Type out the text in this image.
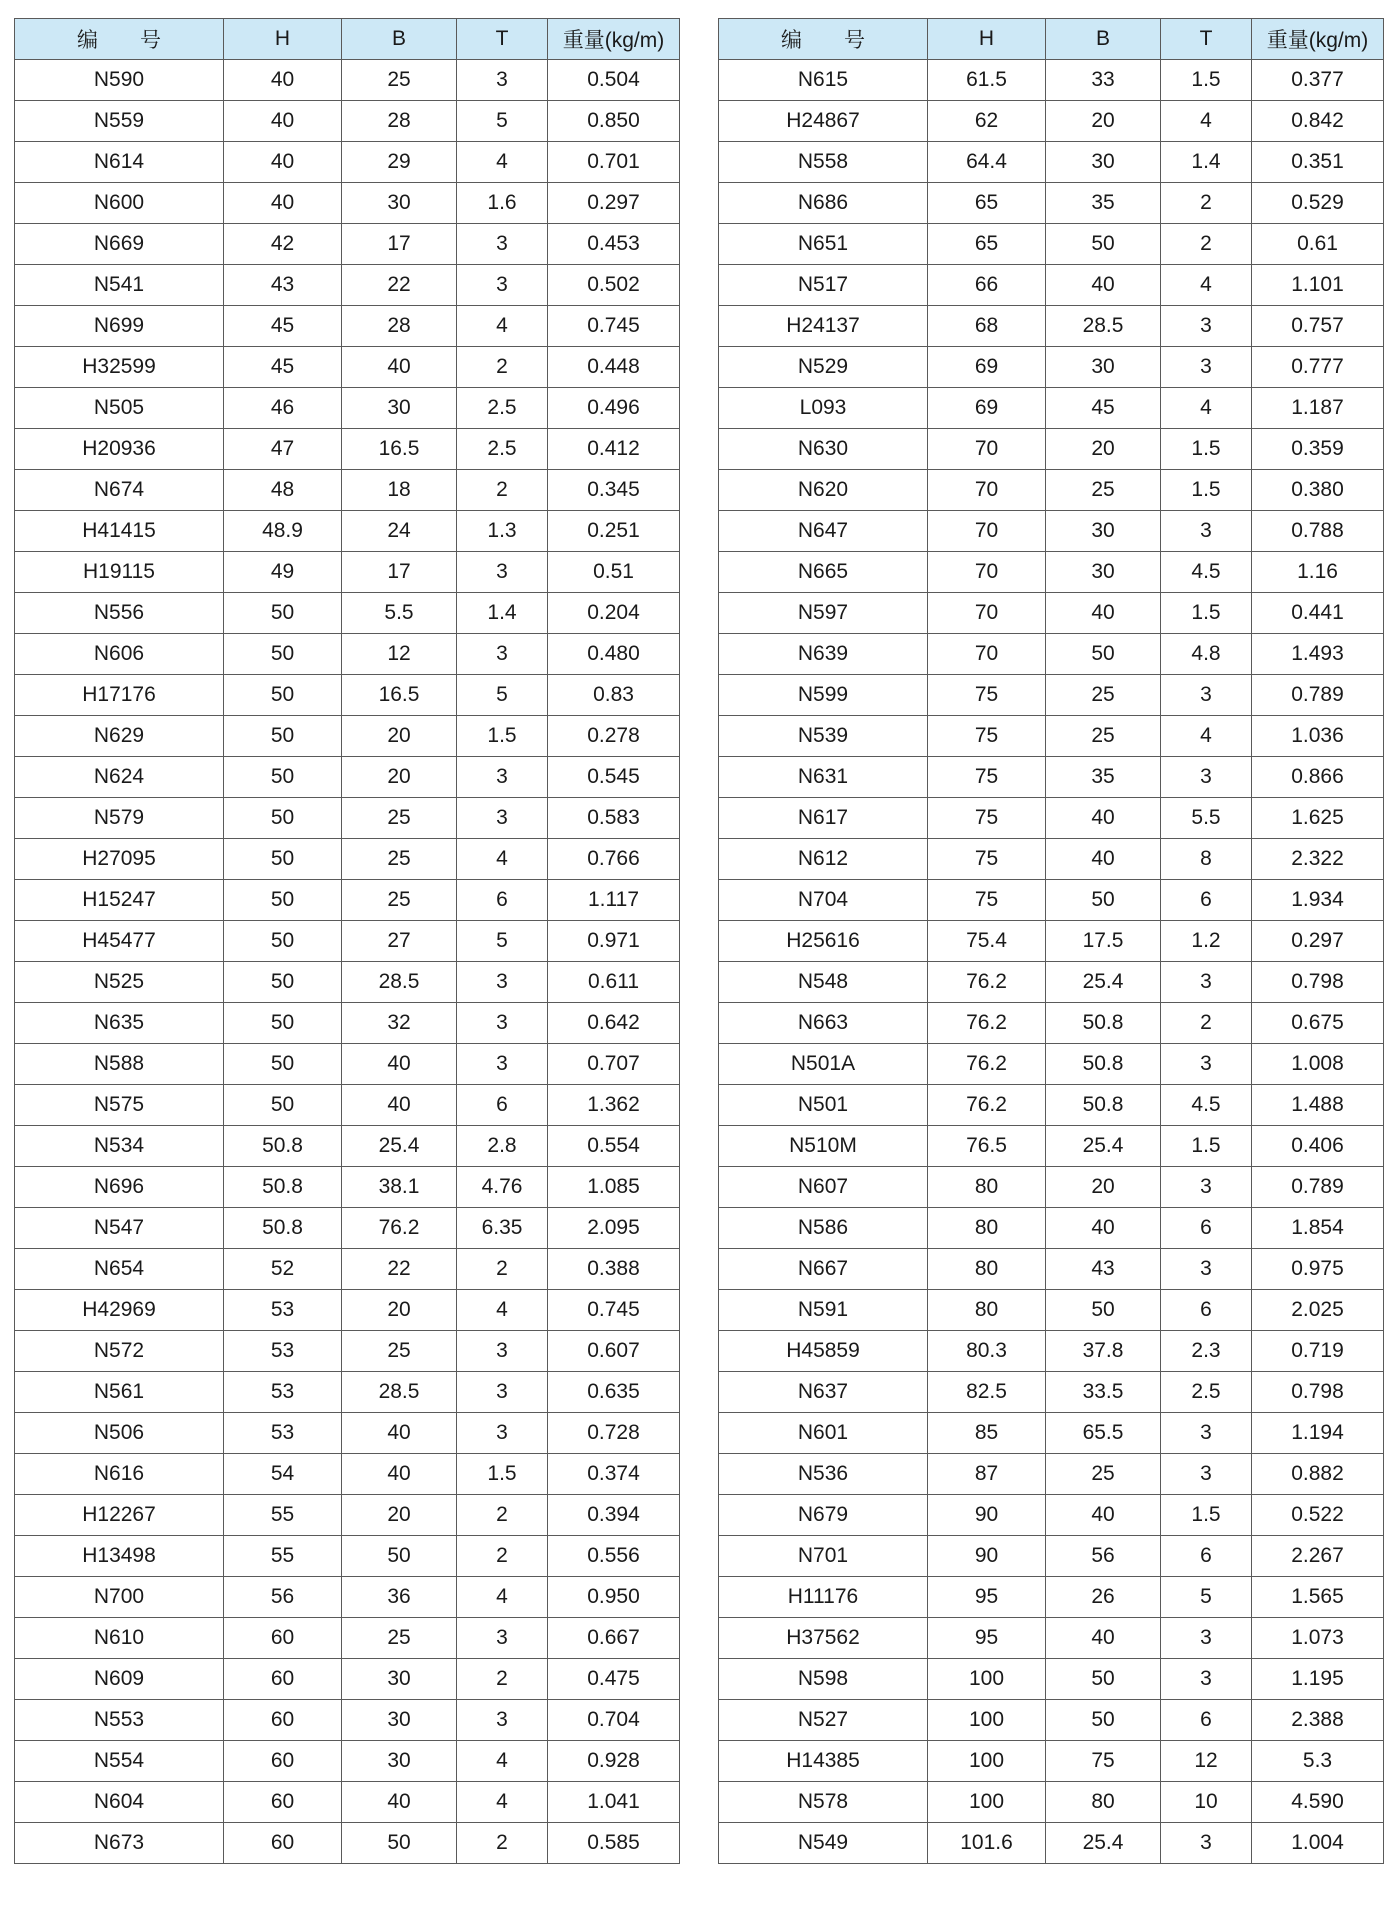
编　　号	H	B	T	重量(kg/m)
N590	40	25	3	0.504
N559	40	28	5	0.850
N614	40	29	4	0.701
N600	40	30	1.6	0.297
N669	42	17	3	0.453
N541	43	22	3	0.502
N699	45	28	4	0.745
H32599	45	40	2	0.448
N505	46	30	2.5	0.496
H20936	47	16.5	2.5	0.412
N674	48	18	2	0.345
H41415	48.9	24	1.3	0.251
H19115	49	17	3	0.51
N556	50	5.5	1.4	0.204
N606	50	12	3	0.480
H17176	50	16.5	5	0.83
N629	50	20	1.5	0.278
N624	50	20	3	0.545
N579	50	25	3	0.583
H27095	50	25	4	0.766
H15247	50	25	6	1.117
H45477	50	27	5	0.971
N525	50	28.5	3	0.611
N635	50	32	3	0.642
N588	50	40	3	0.707
N575	50	40	6	1.362
N534	50.8	25.4	2.8	0.554
N696	50.8	38.1	4.76	1.085
N547	50.8	76.2	6.35	2.095
N654	52	22	2	0.388
H42969	53	20	4	0.745
N572	53	25	3	0.607
N561	53	28.5	3	0.635
N506	53	40	3	0.728
N616	54	40	1.5	0.374
H12267	55	20	2	0.394
H13498	55	50	2	0.556
N700	56	36	4	0.950
N610	60	25	3	0.667
N609	60	30	2	0.475
N553	60	30	3	0.704
N554	60	30	4	0.928
N604	60	40	4	1.041
N673	60	50	2	0.585
编　　号	H	B	T	重量(kg/m)
N615	61.5	33	1.5	0.377
H24867	62	20	4	0.842
N558	64.4	30	1.4	0.351
N686	65	35	2	0.529
N651	65	50	2	0.61
N517	66	40	4	1.101
H24137	68	28.5	3	0.757
N529	69	30	3	0.777
L093	69	45	4	1.187
N630	70	20	1.5	0.359
N620	70	25	1.5	0.380
N647	70	30	3	0.788
N665	70	30	4.5	1.16
N597	70	40	1.5	0.441
N639	70	50	4.8	1.493
N599	75	25	3	0.789
N539	75	25	4	1.036
N631	75	35	3	0.866
N617	75	40	5.5	1.625
N612	75	40	8	2.322
N704	75	50	6	1.934
H25616	75.4	17.5	1.2	0.297
N548	76.2	25.4	3	0.798
N663	76.2	50.8	2	0.675
N501A	76.2	50.8	3	1.008
N501	76.2	50.8	4.5	1.488
N510M	76.5	25.4	1.5	0.406
N607	80	20	3	0.789
N586	80	40	6	1.854
N667	80	43	3	0.975
N591	80	50	6	2.025
H45859	80.3	37.8	2.3	0.719
N637	82.5	33.5	2.5	0.798
N601	85	65.5	3	1.194
N536	87	25	3	0.882
N679	90	40	1.5	0.522
N701	90	56	6	2.267
H11176	95	26	5	1.565
H37562	95	40	3	1.073
N598	100	50	3	1.195
N527	100	50	6	2.388
H14385	100	75	12	5.3
N578	100	80	10	4.590
N549	101.6	25.4	3	1.004
